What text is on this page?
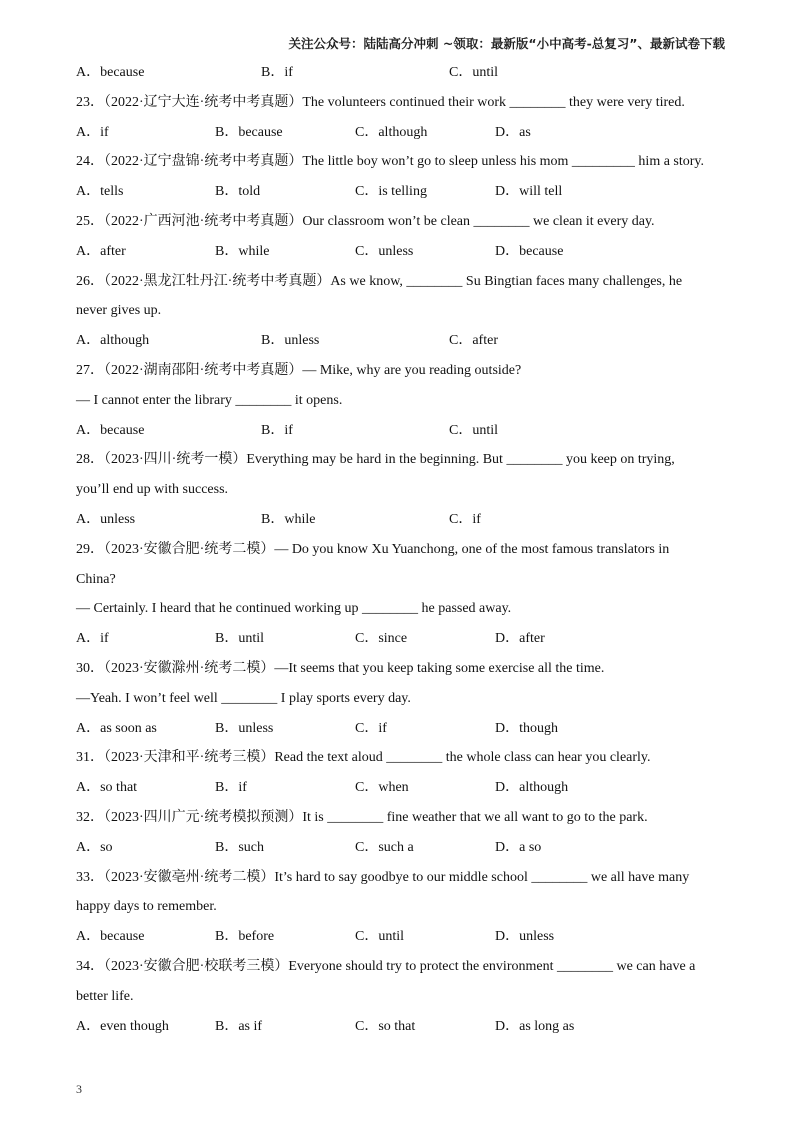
关注公众号：陆陆高分冲刺 ~领取：最新版“小中高考-总复习”、最新试卷下载
A．because	B．if	C．until
23．（2022·辽宁大连·统考中考真题）The volunteers continued their work ________ they were very tired.
A．if	B．because	C．although	D．as
24．（2022·辽宁盘锦·统考中考真题）The little boy won’t go to sleep unless his mom _________ him a story.
A．tells	B．told	C．is telling	D．will tell
25．（2022·广西河池·统考中考真题）Our classroom won’t be clean ________ we clean it every day.
A．after	B．while	C．unless	D．because
26．（2022·黑龙江牡丹江·统考中考真题）As we know, ________ Su Bingtian faces many challenges, he
never gives up.
A．although	B．unless	C．after
27．（2022·湖南邵阳·统考中考真题）— Mike, why are you reading outside?
— I cannot enter the library ________ it opens.
A．because	B．if	C．until
28．（2023·四川·统考一模）Everything may be hard in the beginning. But ________ you keep on trying,
you’ll end up with success.
A．unless	B．while	C．if
29．（2023·安徽合肥·统考二模）— Do you know Xu Yuanchong, one of the most famous translators in
China?
— Certainly. I heard that he continued working up ________ he passed away.
A．if	B．until	C．since	D．after
30．（2023·安徽滁州·统考二模）—It seems that you keep taking some exercise all the time.
—Yeah. I won’t feel well ________ I play sports every day.
A．as soon as	B．unless	C．if	D．though
31．（2023·天津和平·统考三模）Read the text aloud ________ the whole class can hear you clearly.
A．so that	B．if	C．when	D．although
32．（2023·四川广元·统考模拟预测）It is ________ fine weather that we all want to go to the park.
A．so	B．such	C．such a	D．a so
33．（2023·安徽亳州·统考二模）It’s hard to say goodbye to our middle school ________ we all have many
happy days to remember.
A．because	B．before	C．until	D．unless
34．（2023·安徽合肥·校联考三模）Everyone should try to protect the environment ________ we can have a
better life.
A．even though	B．as if	C．so that	D．as long as
3
